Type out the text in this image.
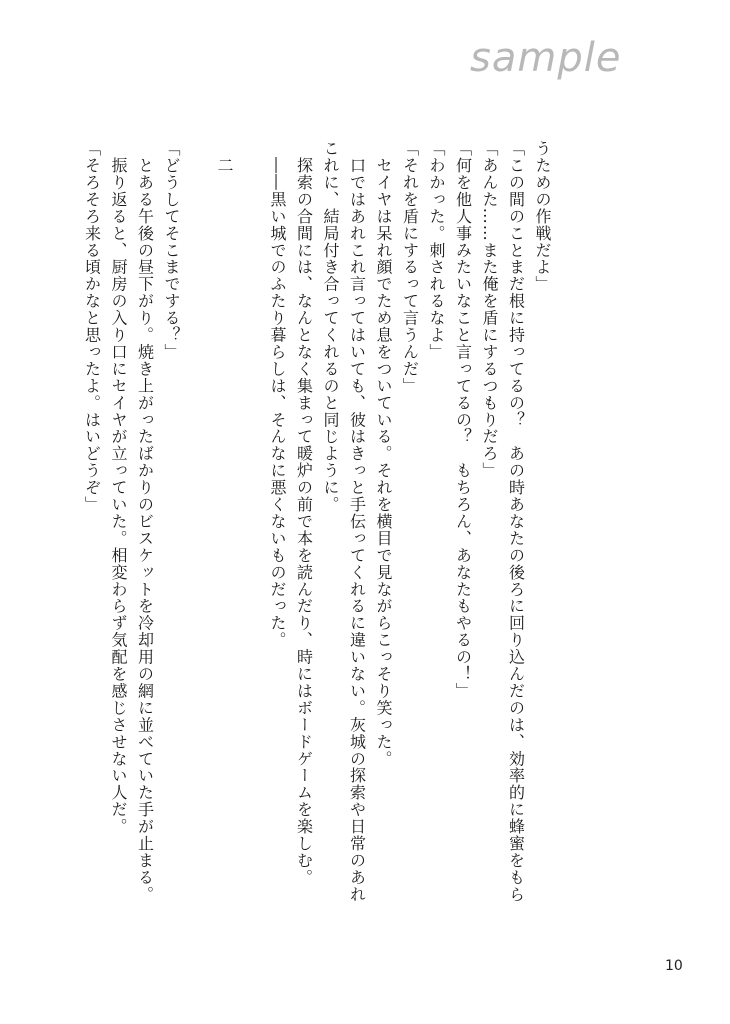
sample
うための作戦だよ」
「この間のことまだ根に持ってるの？　あの時あなたの後ろに回り込んだのは、効率的に蜂蜜をもら
「あんた……また俺を盾にするつもりだろ」
「何を他人事みたいなこと言ってるの？　もちろん、あなたもやるの！」
「わかった。刺されるなよ」
「それを盾にするって言うんだ」
　セイヤは呆れ顔でため息をついている。それを横目で見ながらこっそり笑った。
　口ではあれこれ言ってはいても、彼はきっと手伝ってくれるに違いない。灰城の探索や日常のあれ
これに、結局付き合ってくれるのと同じように。
　探索の合間には、なんとなく集まって暖炉の前で本を読んだり、時にはボードゲームを楽しむ。
　――黒い城でのふたり暮らしは、そんなに悪くないものだった。
　二
「どうしてそこまでする？」
　とある午後の昼下がり。焼き上がったばかりのビスケットを冷却用の網に並べていた手が止まる。
　振り返ると、厨房の入り口にセイヤが立っていた。相変わらず気配を感じさせない人だ。
「そろそろ来る頃かなと思ったよ。はいどうぞ」
10
